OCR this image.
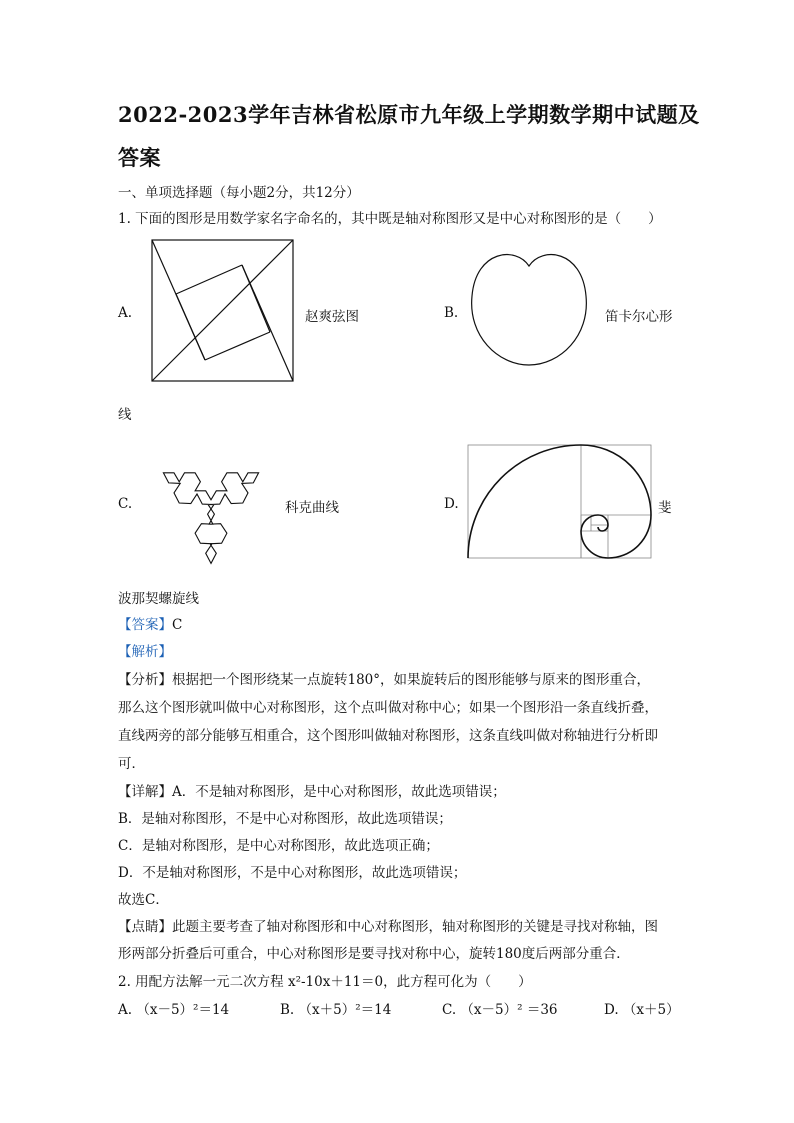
2022-2023学年吉林省松原市九年级上学期数学期中试题及
答案
一、单项选择题（每小题2分，共12分）
1. 下面的图形是用数学家名字命名的，其中既是轴对称图形又是中心对称图形的是（　　）
A.	赵爽弦图	B.	笛卡尔心形
线
C.	科克曲线	D.	斐
波那契螺旋线
【答案】C
【解析】
【分析】根据把一个图形绕某一点旋转180°，如果旋转后的图形能够与原来的图形重合，
那么这个图形就叫做中心对称图形，这个点叫做对称中心；如果一个图形沿一条直线折叠，
直线两旁的部分能够互相重合，这个图形叫做轴对称图形，这条直线叫做对称轴进行分析即
可．
【详解】A．不是轴对称图形，是中心对称图形，故此选项错误；
B．是轴对称图形，不是中心对称图形，故此选项错误；
C．是轴对称图形，是中心对称图形，故此选项正确；
D．不是轴对称图形，不是中心对称图形，故此选项错误；
故选C．
【点睛】此题主要考查了轴对称图形和中心对称图形，轴对称图形的关键是寻找对称轴，图
形两部分折叠后可重合，中心对称图形是要寻找对称中心，旋转180度后两部分重合．
2. 用配方法解一元二次方程 x²-10x＋11＝0，此方程可化为（　　）
A. （x－5）²＝14	B. （x＋5）²＝14	C. （x－5）² ＝36	D. （x＋5）
